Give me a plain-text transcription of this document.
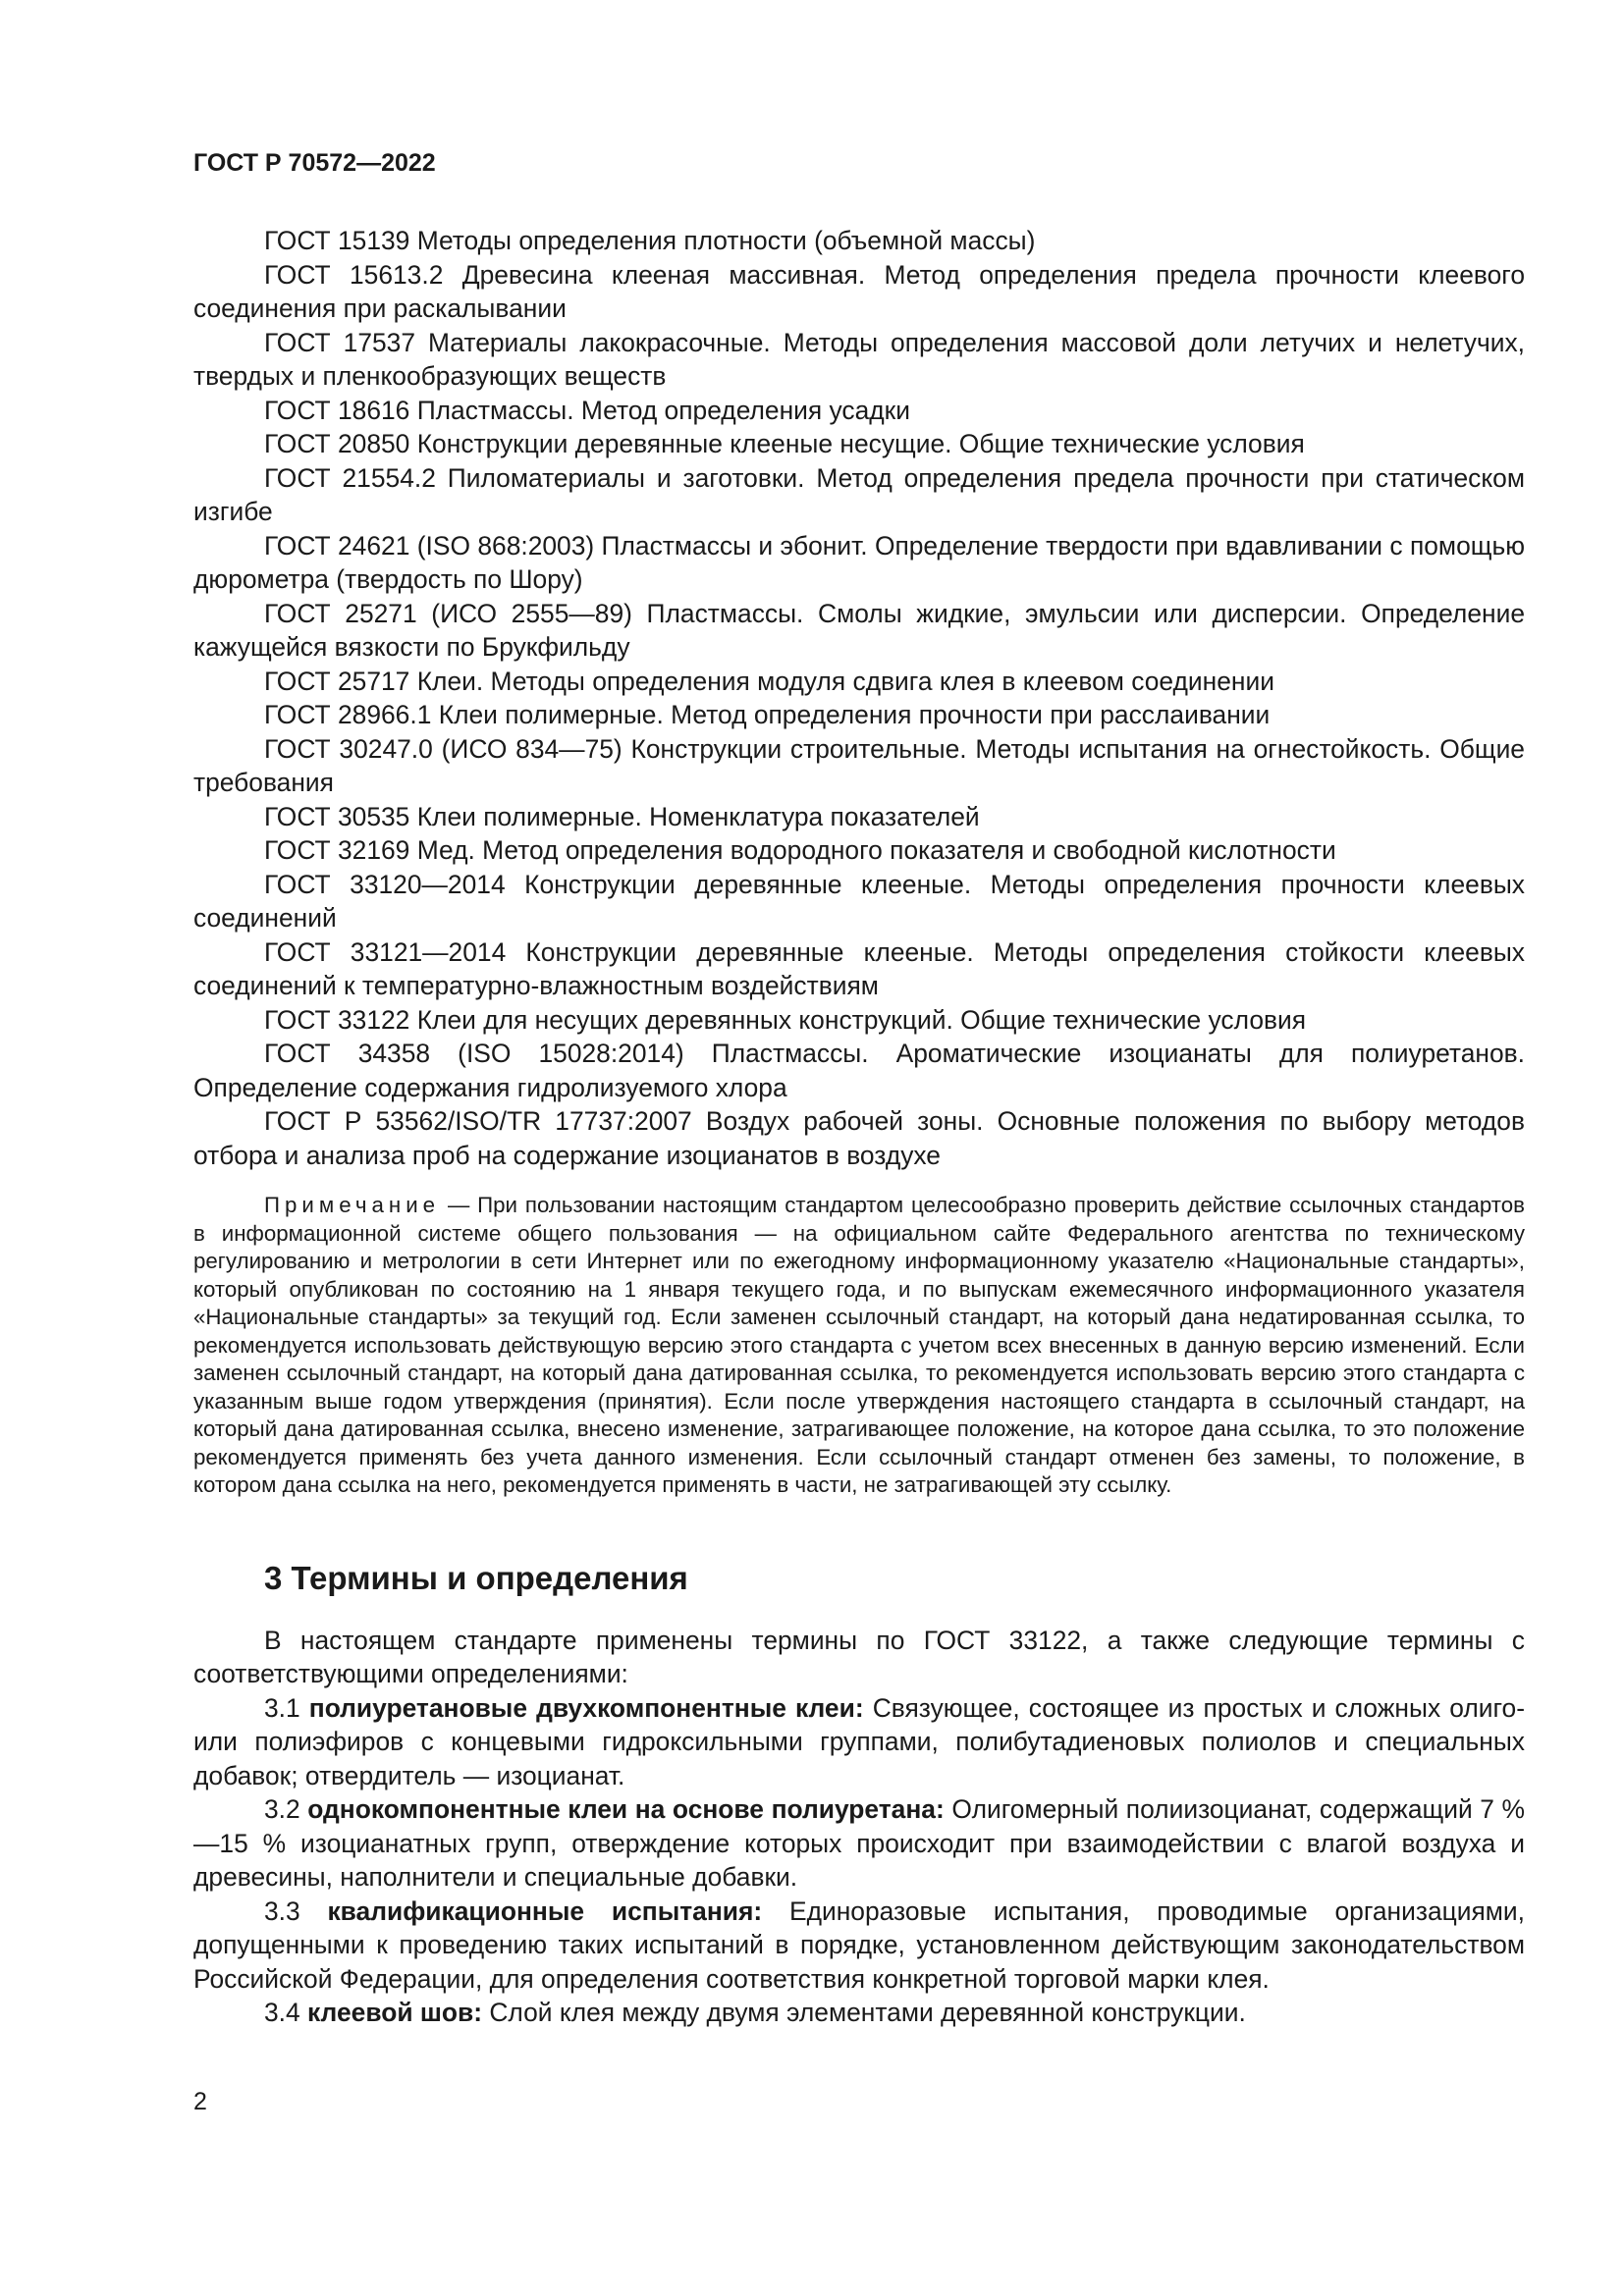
ГОСТ Р 70572—2022

ГОСТ 15139 Методы определения плотности (объемной массы)

ГОСТ 15613.2 Древесина клееная массивная. Метод определения предела прочности клеевого соединения при раскалывании

ГОСТ 17537 Материалы лакокрасочные. Методы определения массовой доли летучих и нелетучих, твердых и пленкообразующих веществ

ГОСТ 18616 Пластмассы. Метод определения усадки

ГОСТ 20850 Конструкции деревянные клееные несущие. Общие технические условия

ГОСТ 21554.2 Пиломатериалы и заготовки. Метод определения предела прочности при статическом изгибе

ГОСТ 24621 (ISO 868:2003) Пластмассы и эбонит. Определение твердости при вдавливании с помощью дюрометра (твердость по Шору)

ГОСТ 25271 (ИСО 2555—89) Пластмассы. Смолы жидкие, эмульсии или дисперсии. Определение кажущейся вязкости по Брукфильду

ГОСТ 25717 Клеи. Методы определения модуля сдвига клея в клеевом соединении

ГОСТ 28966.1 Клеи полимерные. Метод определения прочности при расслаивании

ГОСТ 30247.0 (ИСО 834—75) Конструкции строительные. Методы испытания на огнестойкость. Общие требования

ГОСТ 30535 Клеи полимерные. Номенклатура показателей

ГОСТ 32169 Мед. Метод определения водородного показателя и свободной кислотности

ГОСТ 33120—2014 Конструкции деревянные клееные. Методы определения прочности клеевых соединений

ГОСТ 33121—2014 Конструкции деревянные клееные. Методы определения стойкости клеевых соединений к температурно-влажностным воздействиям

ГОСТ 33122 Клеи для несущих деревянных конструкций. Общие технические условия

ГОСТ 34358 (ISO 15028:2014) Пластмассы. Ароматические изоцианаты для полиуретанов. Определение содержания гидролизуемого хлора

ГОСТ Р 53562/ISO/TR 17737:2007 Воздух рабочей зоны. Основные положения по выбору методов отбора и анализа проб на содержание изоцианатов в воздухе

Примечание — При пользовании настоящим стандартом целесообразно проверить действие ссылочных стандартов в информационной системе общего пользования — на официальном сайте Федерального агентства по техническому регулированию и метрологии в сети Интернет или по ежегодному информационному указателю «Национальные стандарты», который опубликован по состоянию на 1 января текущего года, и по выпускам ежемесячного информационного указателя «Национальные стандарты» за текущий год. Если заменен ссылочный стандарт, на который дана недатированная ссылка, то рекомендуется использовать действующую версию этого стандарта с учетом всех внесенных в данную версию изменений. Если заменен ссылочный стандарт, на который дана датированная ссылка, то рекомендуется использовать версию этого стандарта с указанным выше годом утверждения (принятия). Если после утверждения настоящего стандарта в ссылочный стандарт, на который дана датированная ссылка, внесено изменение, затрагивающее положение, на которое дана ссылка, то это положение рекомендуется применять без учета данного изменения. Если ссылочный стандарт отменен без замены, то положение, в котором дана ссылка на него, рекомендуется применять в части, не затрагивающей эту ссылку.

3 Термины и определения

В настоящем стандарте применены термины по ГОСТ 33122, а также следующие термины с соответствующими определениями:

3.1 полиуретановые двухкомпонентные клеи: Связующее, состоящее из простых и сложных олиго- или полиэфиров с концевыми гидроксильными группами, полибутадиеновых полиолов и специальных добавок; отвердитель — изоцианат.

3.2 однокомпонентные клеи на основе полиуретана: Олигомерный полиизоцианат, содержащий 7 %—15 % изоцианатных групп, отверждение которых происходит при взаимодействии с влагой воздуха и древесины, наполнители и специальные добавки.

3.3 квалификационные испытания: Единоразовые испытания, проводимые организациями, допущенными к проведению таких испытаний в порядке, установленном действующим законодательством Российской Федерации, для определения соответствия конкретной торговой марки клея.

3.4 клеевой шов: Слой клея между двумя элементами деревянной конструкции.

2
